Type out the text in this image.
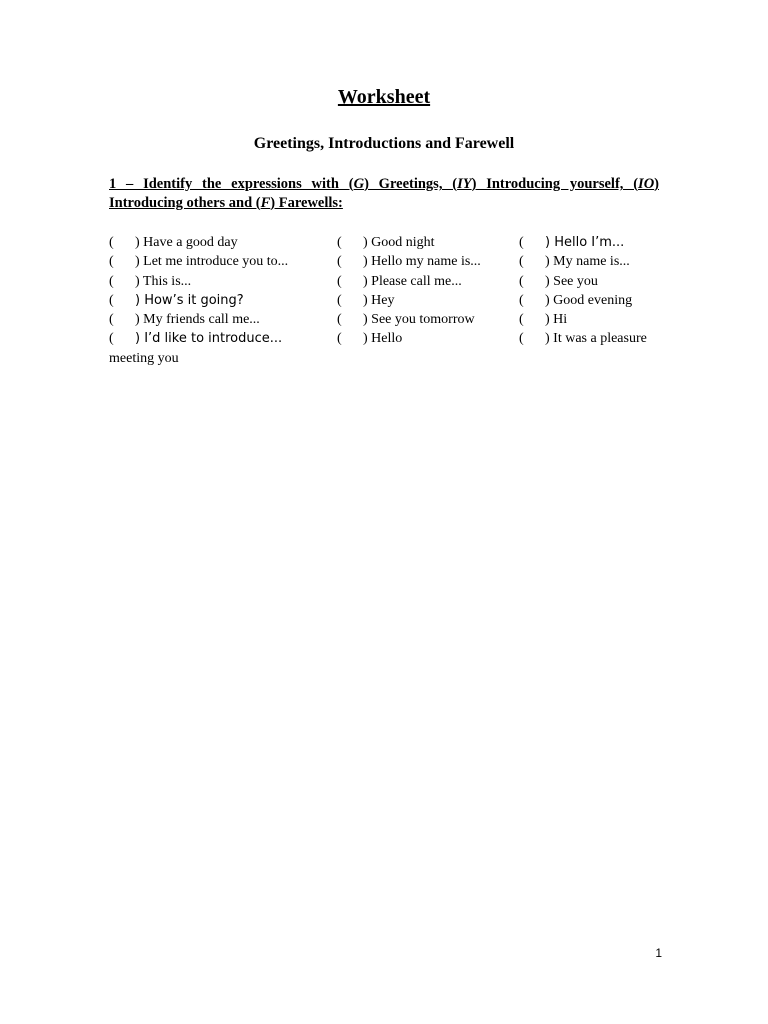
Worksheet
Greetings, Introductions and Farewell
1 – Identify the expressions with (G) Greetings, (IY) Introducing yourself, (IO) Introducing others and (F) Farewells:
( ) Have a good day	( ) Good night	( ) Hello I’m...
( ) Let me introduce you to...	( ) Hello my name is...	( ) My name is...
( ) This is...	( ) Please call me...	( ) See you
( ) How’s it going?	( ) Hey	( ) Good evening
( ) My friends call me...	( ) See you tomorrow	( ) Hi
( ) I’d like to introduce...	( ) Hello	( ) It was a pleasure
meeting you
1
